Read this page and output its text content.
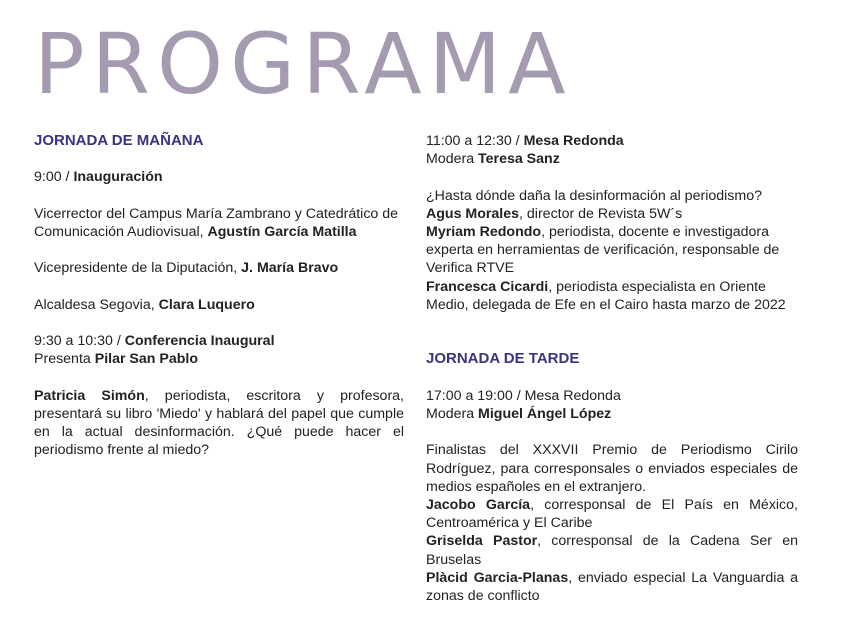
PROGRAMA

JORNADA DE MAÑANA

9:00 / Inauguración

Vicerrector del Campus María Zambrano y Catedrático de Comunicación Audiovisual, Agustín García Matilla

Vicepresidente de la Diputación, J. María Bravo

Alcaldesa Segovia, Clara Luquero

9:30 a 10:30 / Conferencia Inaugural

Presenta Pilar San Pablo

Patricia Simón, periodista, escritora y profesora, presentará su libro 'Miedo' y hablará del papel que cumple en la actual desinformación. ¿Qué puede hacer el periodismo frente al miedo?

11:00 a 12:30 / Mesa Redonda

Modera Teresa Sanz

¿Hasta dónde daña la desinformación al periodismo?

Agus Morales, director de Revista 5W´s

Myriam Redondo, periodista, docente e investigadora experta en herramientas de verificación, responsable de Verifica RTVE

Francesca Cicardi, periodista especialista en Oriente Medio, delegada de Efe en el Cairo hasta marzo de 2022

JORNADA DE TARDE

17:00 a 19:00 / Mesa Redonda

Modera Miguel Ángel López

Finalistas del XXXVII Premio de Periodismo Cirilo Rodríguez, para corresponsales o enviados especiales de medios españoles en el extranjero.

Jacobo García, corresponsal de El País en México, Centroamérica y El Caribe

Griselda Pastor, corresponsal de la Cadena Ser en Bruselas

Plàcid Garcia-Planas, enviado especial La Vanguardia a zonas de conflicto
